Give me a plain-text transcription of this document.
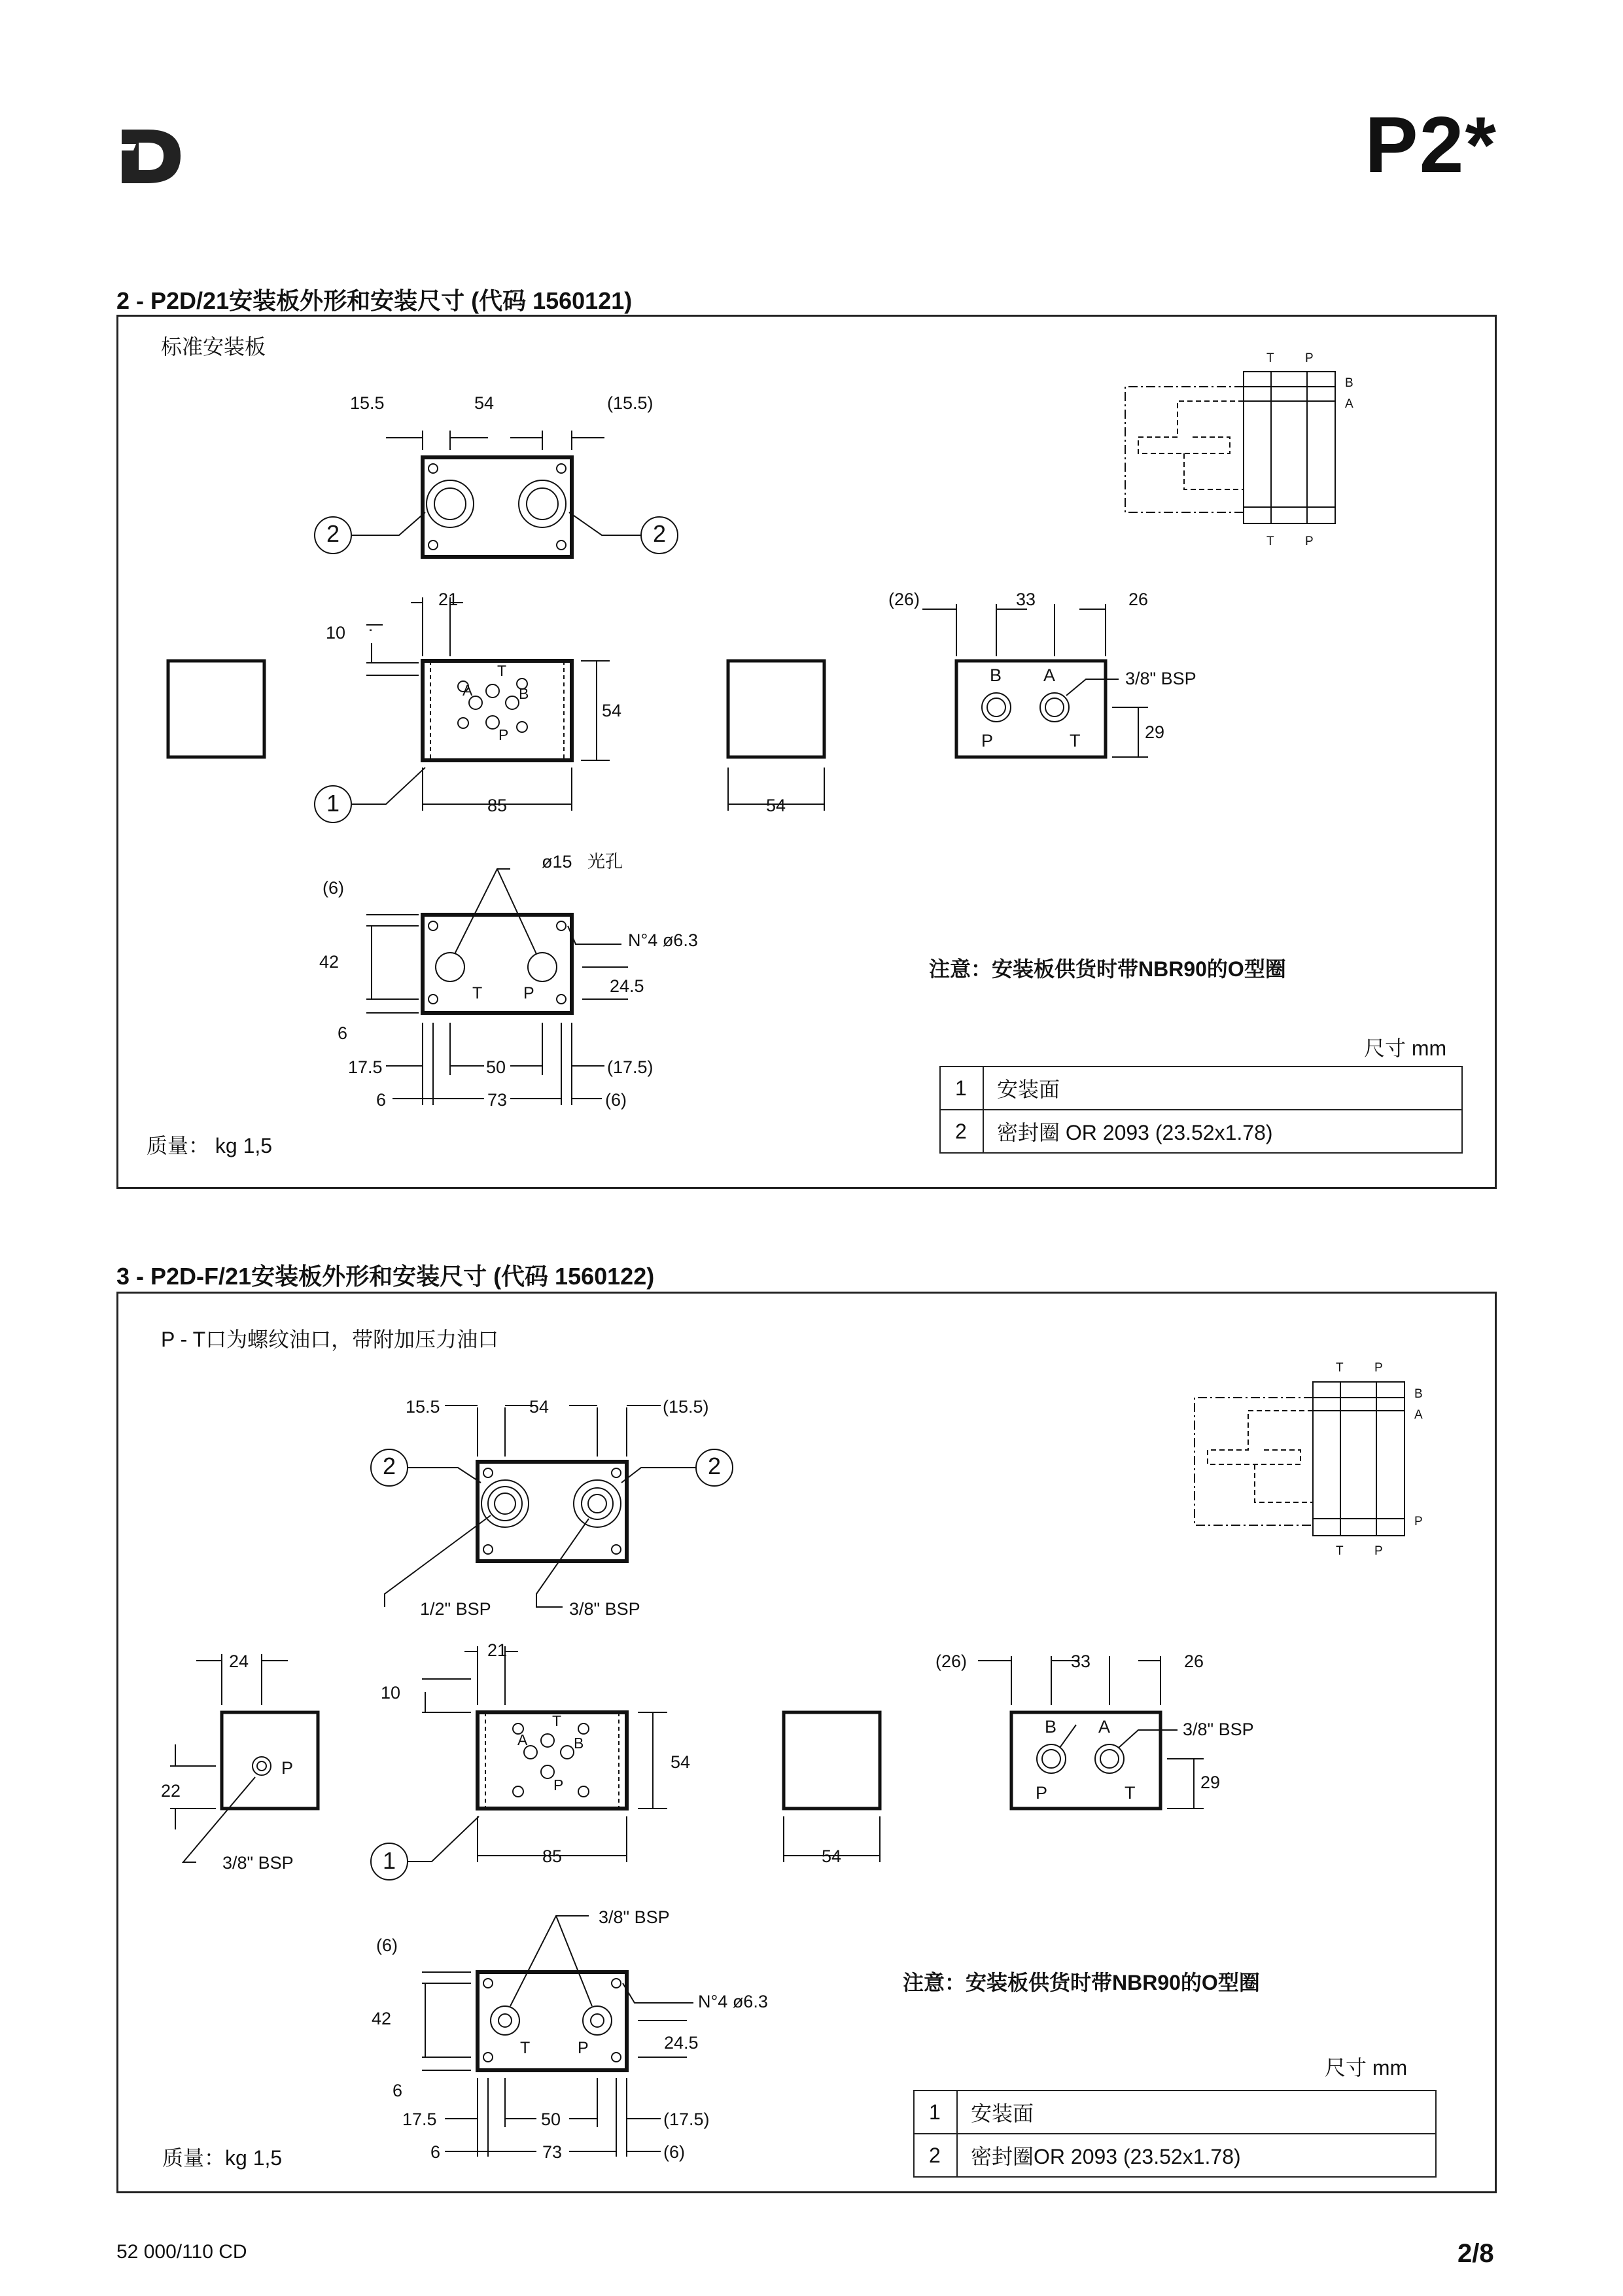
P2*
2 - P2D/21安装板外形和安装尺寸 (代码 1560121)
标准安装板
15.5	54	(15.5)
2	2
21
10
54
85	54
1
(26)	33	26
3/8" BSP
29
ø15 光孔
(6)
42
N°4 ø6.3
24.5
6
17.5	50	(17.5)
6	73	(6)
B A
P	T
T	P
T
A	B
P
T P
B
A
T P
注意：安装板供货时带NBR90的O型圈
尺寸 mm
质量： kg 1,5
1	安装面
2	密封圈 OR 2093 (23.52x1.78)
3 - P2D-F/21安装板外形和安装尺寸 (代码 1560122)
P - T口为螺纹油口，带附加压力油口
15.5	54	(15.5)
2	2
1/2" BSP	3/8" BSP
24
22
P
3/8" BSP
21
10
54
85	54
1
(26)	33	26
3/8" BSP
29
3/8" BSP
(6)
42
N°4 ø6.3
24.5
6
17.5	50	(17.5)
6	73	(6)
B A
P	T
T	P
T
A	B
P
T P
B
A
P
T P
注意：安装板供货时带NBR90的O型圈
尺寸 mm
质量：kg 1,5
1	安装面
2	密封圈OR 2093 (23.52x1.78)
52 000/110 CD	2/8
